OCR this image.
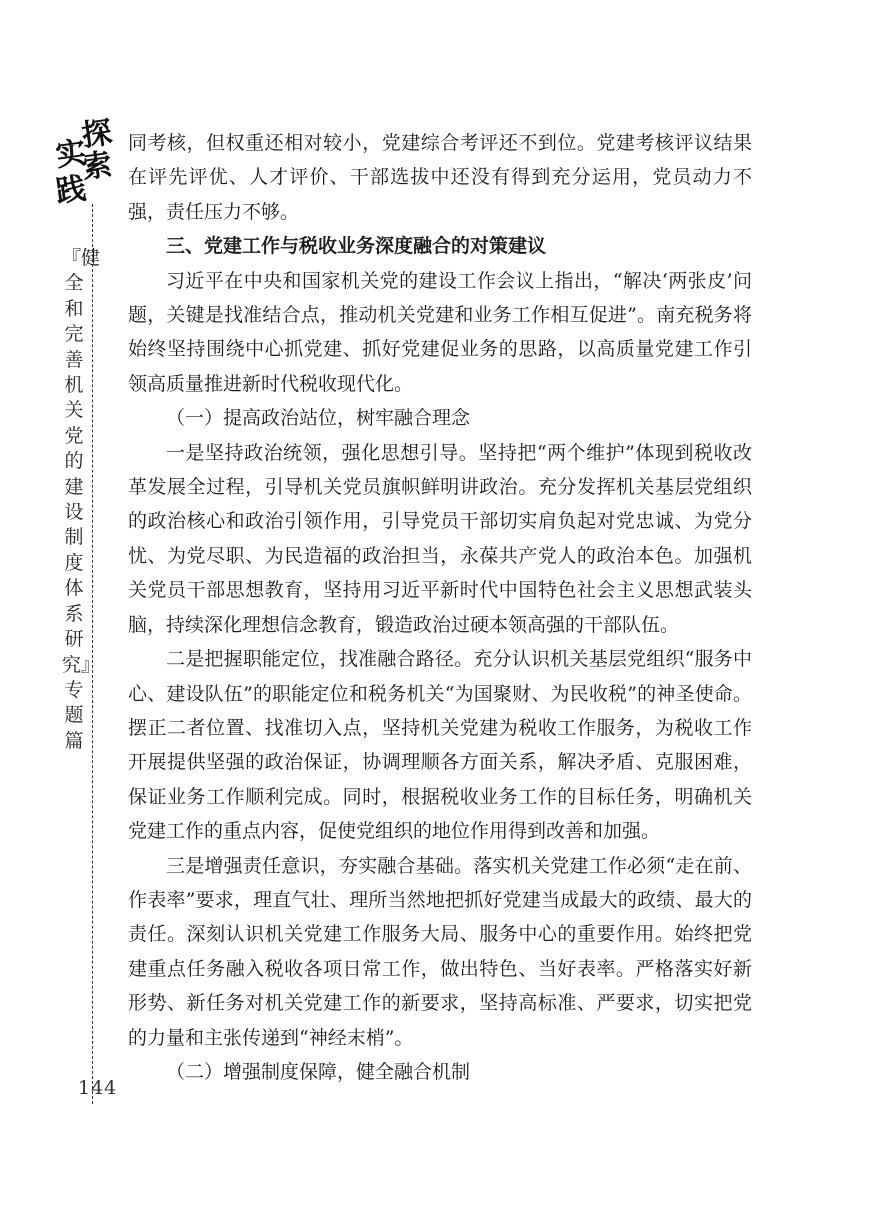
探
索
实
践
『健全和完善机关党的建设制度体系研究』专题篇
144

同考核，但权重还相对较小，党建综合考评还不到位。党建考核评议结果在评先评优、人才评价、干部选拔中还没有得到充分运用，党员动力不强，责任压力不够。

三、党建工作与税收业务深度融合的对策建议

习近平在中央和国家机关党的建设工作会议上指出，“解决‘两张皮’问题，关键是找准结合点，推动机关党建和业务工作相互促进”。南充税务将始终坚持围绕中心抓党建、抓好党建促业务的思路，以高质量党建工作引领高质量推进新时代税收现代化。

（一）提高政治站位，树牢融合理念

一是坚持政治统领，强化思想引导。坚持把“两个维护”体现到税收改革发展全过程，引导机关党员旗帜鲜明讲政治。充分发挥机关基层党组织的政治核心和政治引领作用，引导党员干部切实肩负起对党忠诚、为党分忧、为党尽职、为民造福的政治担当，永葆共产党人的政治本色。加强机关党员干部思想教育，坚持用习近平新时代中国特色社会主义思想武装头脑，持续深化理想信念教育，锻造政治过硬本领高强的干部队伍。

二是把握职能定位，找准融合路径。充分认识机关基层党组织“服务中心、建设队伍”的职能定位和税务机关“为国聚财、为民收税”的神圣使命。摆正二者位置、找准切入点，坚持机关党建为税收工作服务，为税收工作开展提供坚强的政治保证，协调理顺各方面关系，解决矛盾、克服困难，保证业务工作顺利完成。同时，根据税收业务工作的目标任务，明确机关党建工作的重点内容，促使党组织的地位作用得到改善和加强。

三是增强责任意识，夯实融合基础。落实机关党建工作必须“走在前、作表率”要求，理直气壮、理所当然地把抓好党建当成最大的政绩、最大的责任。深刻认识机关党建工作服务大局、服务中心的重要作用。始终把党建重点任务融入税收各项日常工作，做出特色、当好表率。严格落实好新形势、新任务对机关党建工作的新要求，坚持高标准、严要求，切实把党的力量和主张传递到“神经末梢”。

（二）增强制度保障，健全融合机制
